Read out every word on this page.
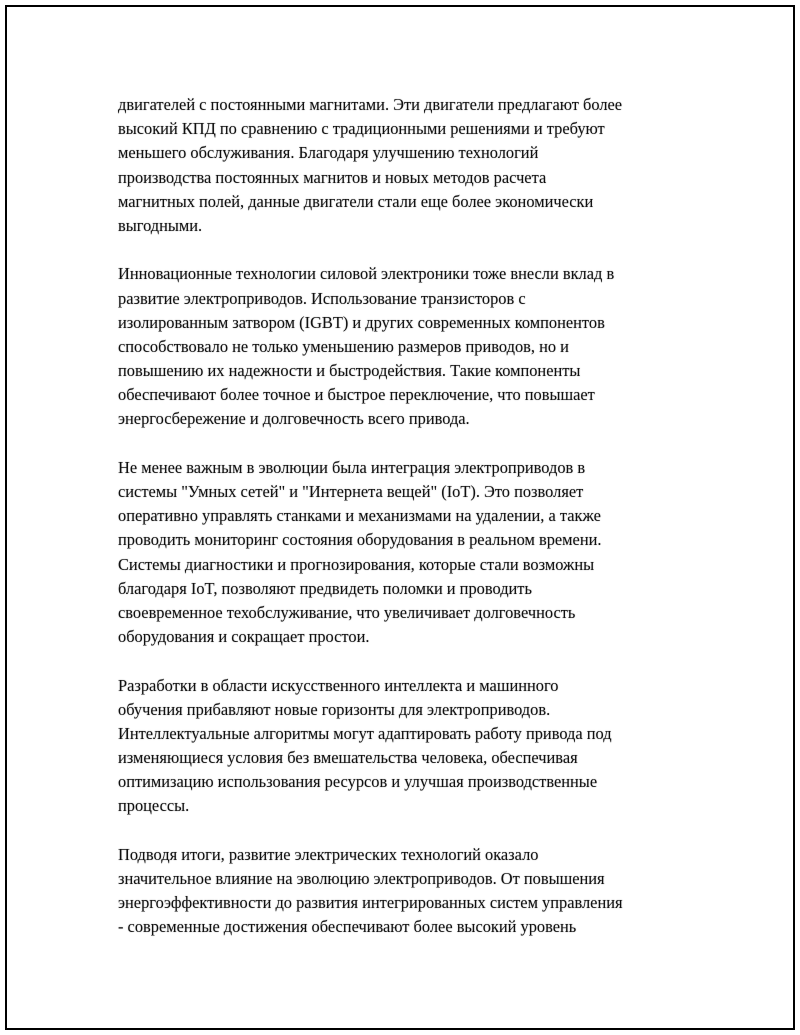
двигателей с постоянными магнитами. Эти двигатели предлагают более
высокий КПД по сравнению с традиционными решениями и требуют
меньшего обслуживания. Благодаря улучшению технологий
производства постоянных магнитов и новых методов расчета
магнитных полей, данные двигатели стали еще более экономически
выгодными.
Инновационные технологии силовой электроники тоже внесли вклад в
развитие электроприводов. Использование транзисторов с
изолированным затвором (IGBT) и других современных компонентов
способствовало не только уменьшению размеров приводов, но и
повышению их надежности и быстродействия. Такие компоненты
обеспечивают более точное и быстрое переключение, что повышает
энергосбережение и долговечность всего привода.
Не менее важным в эволюции была интеграция электроприводов в
системы "Умных сетей" и "Интернета вещей" (IoT). Это позволяет
оперативно управлять станками и механизмами на удалении, а также
проводить мониторинг состояния оборудования в реальном времени.
Системы диагностики и прогнозирования, которые стали возможны
благодаря IoT, позволяют предвидеть поломки и проводить
своевременное техобслуживание, что увеличивает долговечность
оборудования и сокращает простои.
Разработки в области искусственного интеллекта и машинного
обучения прибавляют новые горизонты для электроприводов.
Интеллектуальные алгоритмы могут адаптировать работу привода под
изменяющиеся условия без вмешательства человека, обеспечивая
оптимизацию использования ресурсов и улучшая производственные
процессы.
Подводя итоги, развитие электрических технологий оказало
значительное влияние на эволюцию электроприводов. От повышения
энергоэффективности до развития интегрированных систем управления
- современные достижения обеспечивают более высокий уровень
